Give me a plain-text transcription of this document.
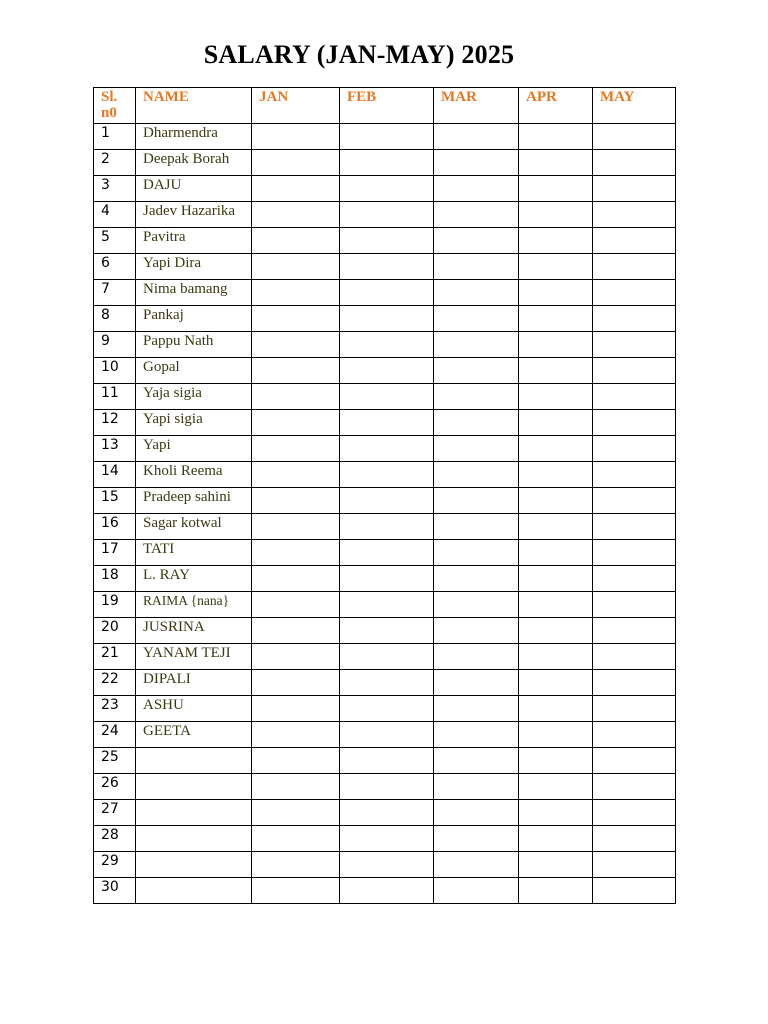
SALARY (JAN-MAY) 2025
Sl. n0	NAME	JAN	FEB	MAR	APR	MAY
1	Dharmendra					
2	Deepak Borah					
3	DAJU					
4	Jadev Hazarika					
5	Pavitra					
6	Yapi Dira					
7	Nima bamang					
8	Pankaj					
9	Pappu Nath					
10	Gopal					
11	Yaja sigia					
12	Yapi sigia					
13	Yapi					
14	Kholi Reema					
15	Pradeep sahini					
16	Sagar kotwal					
17	TATI					
18	L. RAY					
19	RAIMA {nana}					
20	JUSRINA					
21	YANAM TEJI					
22	DIPALI					
23	ASHU					
24	GEETA					
25						
26						
27						
28						
29						
30						
